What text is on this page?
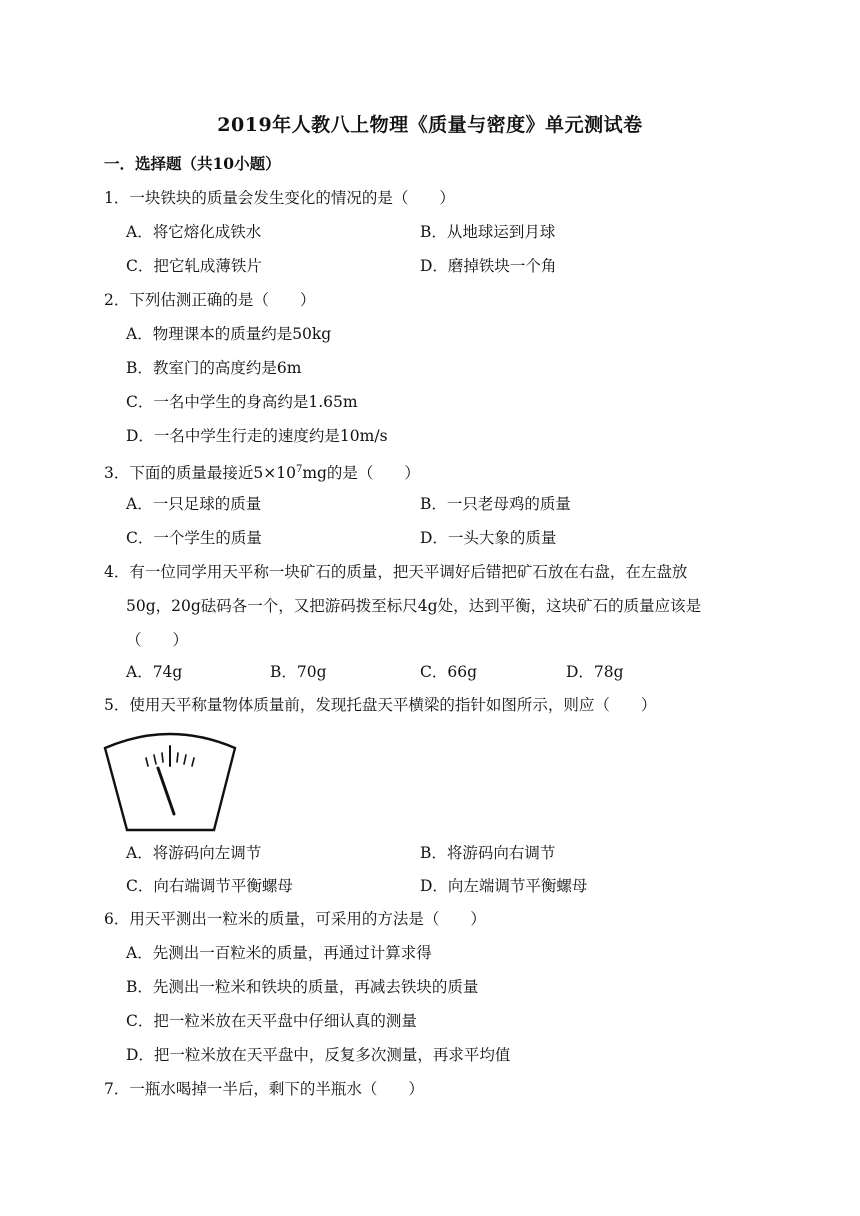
2019年人教八上物理《质量与密度》单元测试卷
一．选择题（共10小题）
1．一块铁块的质量会发生变化的情况的是（　　）
A．将它熔化成铁水	B．从地球运到月球
C．把它轧成薄铁片	D．磨掉铁块一个角
2．下列估测正确的是（　　）
A．物理课本的质量约是50kg
B．教室门的高度约是6m
C．一名中学生的身高约是1.65m
D．一名中学生行走的速度约是10m/s
3．下面的质量最接近$5\times 10^7mg$的是（　　）
A．一只足球的质量	B．一只老母鸡的质量
C．一个学生的质量	D．一头大象的质量
4．有一位同学用天平称一块矿石的质量，把天平调好后错把矿石放在右盘，在左盘放
50g，20g砝码各一个，又把游码拨至标尺4g处，达到平衡，这块矿石的质量应该是
（　　）
A．74g	B．70g	C．66g	D．78g
5．使用天平称量物体质量前，发现托盘天平横梁的指针如图所示，则应（　　）
A．将游码向左调节	B．将游码向右调节
C．向右端调节平衡螺母	D．向左端调节平衡螺母
6．用天平测出一粒米的质量，可采用的方法是（　　）
A．先测出一百粒米的质量，再通过计算求得
B．先测出一粒米和铁块的质量，再减去铁块的质量
C．把一粒米放在天平盘中仔细认真的测量
D．把一粒米放在天平盘中，反复多次测量，再求平均值
7．一瓶水喝掉一半后，剩下的半瓶水（　　）
